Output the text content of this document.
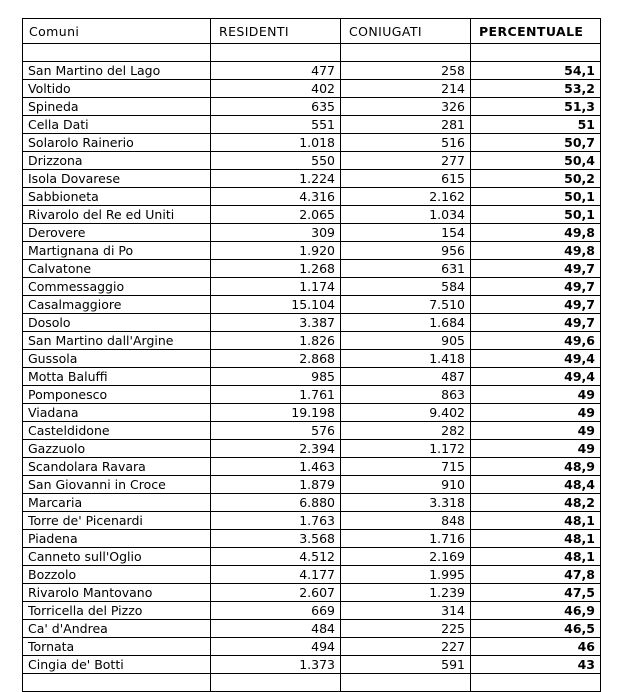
Comuni	RESIDENTI	CONIUGATI	PERCENTUALE

San Martino del Lago	477	258	54,1
Voltido	402	214	53,2
Spineda	635	326	51,3
Cella Dati	551	281	51
Solarolo Rainerio	1.018	516	50,7
Drizzona	550	277	50,4
Isola Dovarese	1.224	615	50,2
Sabbioneta	4.316	2.162	50,1
Rivarolo del Re ed Uniti	2.065	1.034	50,1
Derovere	309	154	49,8
Martignana di Po	1.920	956	49,8
Calvatone	1.268	631	49,7
Commessaggio	1.174	584	49,7
Casalmaggiore	15.104	7.510	49,7
Dosolo	3.387	1.684	49,7
San Martino dall'Argine	1.826	905	49,6
Gussola	2.868	1.418	49,4
Motta Baluffi	985	487	49,4
Pomponesco	1.761	863	49
Viadana	19.198	9.402	49
Casteldidone	576	282	49
Gazzuolo	2.394	1.172	49
Scandolara Ravara	1.463	715	48,9
San Giovanni in Croce	1.879	910	48,4
Marcaria	6.880	3.318	48,2
Torre de' Picenardi	1.763	848	48,1
Piadena	3.568	1.716	48,1
Canneto sull'Oglio	4.512	2.169	48,1
Bozzolo	4.177	1.995	47,8
Rivarolo Mantovano	2.607	1.239	47,5
Torricella del Pizzo	669	314	46,9
Ca' d'Andrea	484	225	46,5
Tornata	494	227	46
Cingia de' Botti	1.373	591	43
